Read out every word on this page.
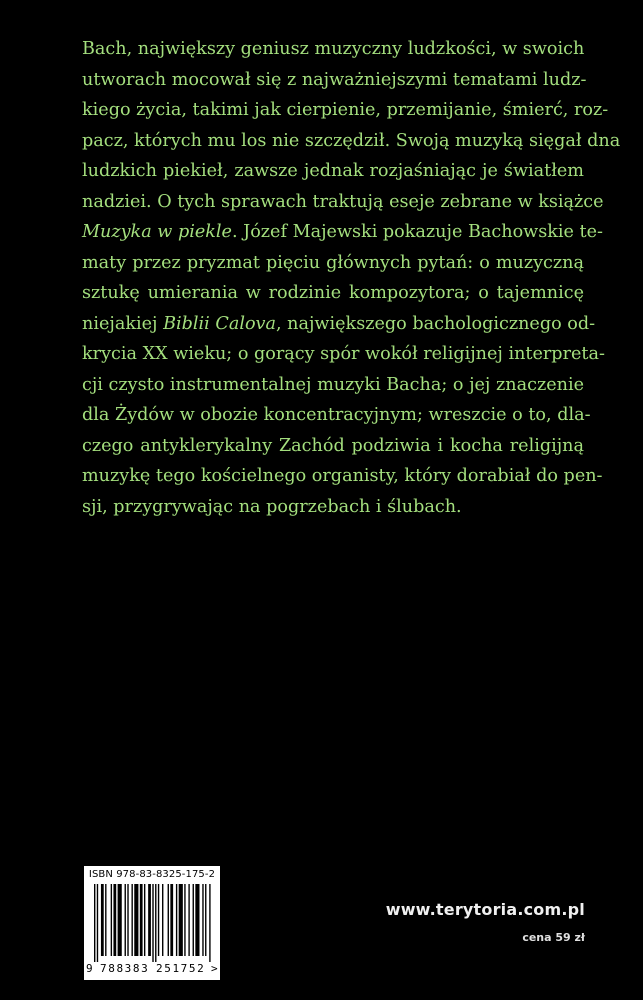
Bach, największy geniusz muzyczny ludzkości, w swoich
utworach mocował się z najważniejszymi tematami ludz-
kiego życia, takimi jak cierpienie, przemijanie, śmierć, roz-
pacz, których mu los nie szczędził. Swoją muzyką sięgał dna
ludzkich piekieł, zawsze jednak rozjaśniając je światłem
nadziei. O tych sprawach traktują eseje zebrane w książce
Muzyka w piekle. Józef Majewski pokazuje Bachowskie te-
maty przez pryzmat pięciu głównych pytań: o muzyczną
sztukę umierania w rodzinie kompozytora; o tajemnicę
niejakiej Biblii Calova, największego bachologicznego od-
krycia XX wieku; o gorący spór wokół religijnej interpreta-
cji czysto instrumentalnej muzyki Bacha; o jej znaczenie
dla Żydów w obozie koncentracyjnym; wreszcie o to, dla-
czego antyklerykalny Zachód podziwia i kocha religijną
muzykę tego kościelnego organisty, który dorabiał do pen-
sji, przygrywając na pogrzebach i ślubach.
ISBN 978-83-8325-175-2
9 788383 251752 >
www.terytoria.com.pl
cena 59 zł
